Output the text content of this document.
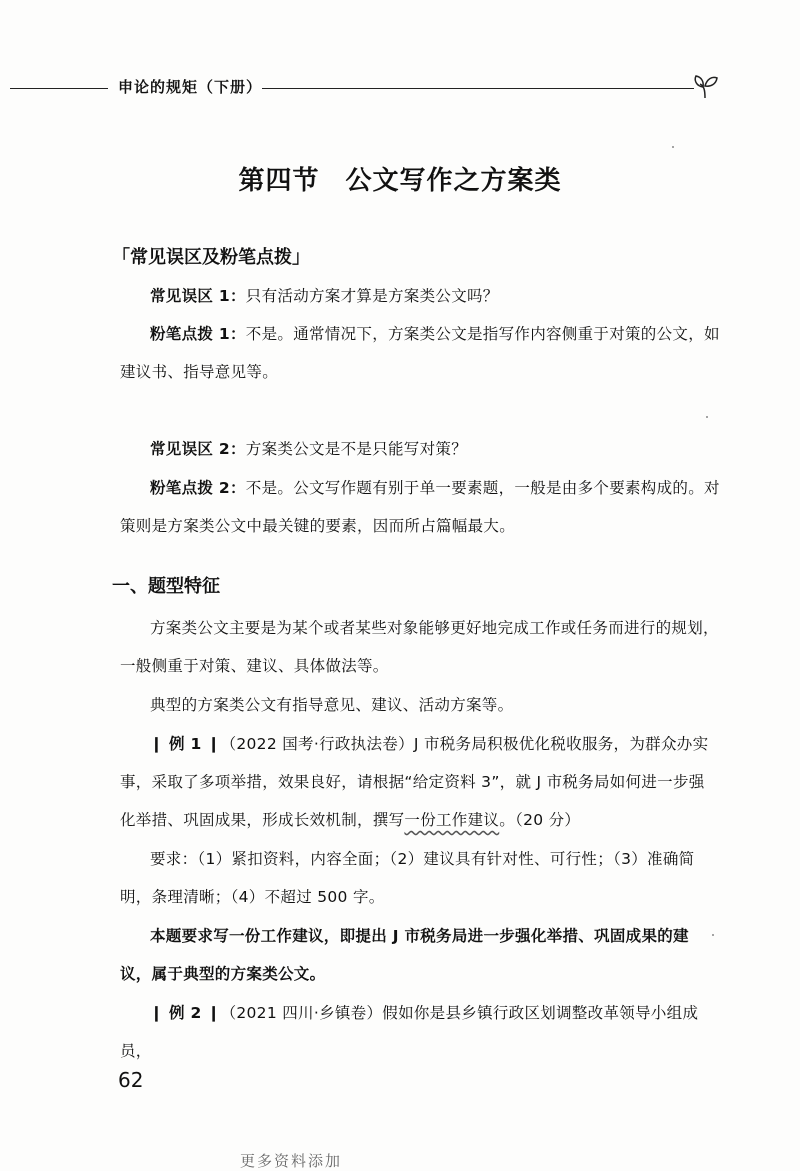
申论的规矩（下册）
第四节 公文写作之方案类
「常见误区及粉笔点拨」
常见误区 1：只有活动方案才算是方案类公文吗？
粉笔点拨 1：不是。通常情况下，方案类公文是指写作内容侧重于对策的公文，如建议书、指导意见等。
常见误区 2：方案类公文是不是只能写对策？
粉笔点拨 2：不是。公文写作题有别于单一要素题，一般是由多个要素构成的。对策则是方案类公文中最关键的要素，因而所占篇幅最大。
一、题型特征
方案类公文主要是为某个或者某些对象能够更好地完成工作或任务而进行的规划，一般侧重于对策、建议、具体做法等。
典型的方案类公文有指导意见、建议、活动方案等。
❙ 例 1 ❙（2022 国考·行政执法卷）J 市税务局积极优化税收服务，为群众办实事，采取了多项举措，效果良好，请根据“给定资料 3”，就 J 市税务局如何进一步强化举措、巩固成果，形成长效机制，撰写一份工作建议。（20 分）
要求：（1）紧扣资料，内容全面；（2）建议具有针对性、可行性；（3）准确简明，条理清晰；（4）不超过 500 字。
本题要求写一份工作建议，即提出 J 市税务局进一步强化举措、巩固成果的建议，属于典型的方案类公文。
❙ 例 2 ❙（2021 四川·乡镇卷）假如你是县乡镇行政区划调整改革领导小组成员，
62
更多资料添加
